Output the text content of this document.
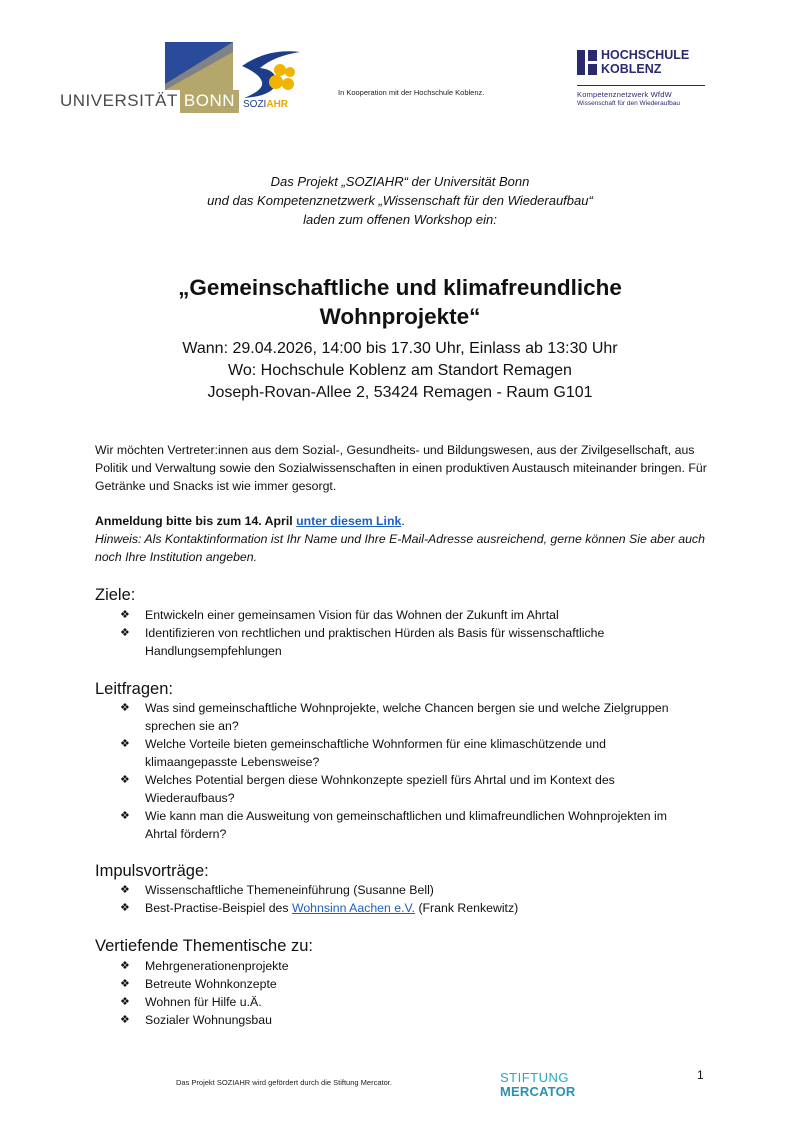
UNIVERSITÄT BONN SOZIAHR
In Kooperation mit der Hochschule Koblenz.
HOCHSCHULE
KOBLENZ
Kompetenznetzwerk WfdW
Wissenschaft für den Wiederaufbau
Das Projekt „SOZIAHR“ der Universität Bonn
und das Kompetenznetzwerk „Wissenschaft für den Wiederaufbau“
laden zum offenen Workshop ein:
„Gemeinschaftliche und klimafreundliche
Wohnprojekte“
Wann: 29.04.2026, 14:00 bis 17.30 Uhr, Einlass ab 13:30 Uhr
Wo: Hochschule Koblenz am Standort Remagen
Joseph-Rovan-Allee 2, 53424 Remagen - Raum G101
Wir möchten Vertreter:innen aus dem Sozial-, Gesundheits- und Bildungswesen, aus der Zivilgesellschaft, aus Politik und Verwaltung sowie den Sozialwissenschaften in einen produktiven Austausch miteinander bringen. Für Getränke und Snacks ist wie immer gesorgt.
Anmeldung bitte bis zum 14. April unter diesem Link.
Hinweis: Als Kontaktinformation ist Ihr Name und Ihre E-Mail-Adresse ausreichend, gerne können Sie aber auch noch Ihre Institution angeben.
Ziele:
❖ Entwickeln einer gemeinsamen Vision für das Wohnen der Zukunft im Ahrtal
❖ Identifizieren von rechtlichen und praktischen Hürden als Basis für wissenschaftliche Handlungsempfehlungen
Leitfragen:
❖ Was sind gemeinschaftliche Wohnprojekte, welche Chancen bergen sie und welche Zielgruppen sprechen sie an?
❖ Welche Vorteile bieten gemeinschaftliche Wohnformen für eine klimaschützende und klimaangepasste Lebensweise?
❖ Welches Potential bergen diese Wohnkonzepte speziell fürs Ahrtal und im Kontext des Wiederaufbaus?
❖ Wie kann man die Ausweitung von gemeinschaftlichen und klimafreundlichen Wohnprojekten im Ahrtal fördern?
Impulsvorträge:
❖ Wissenschaftliche Themeneinführung (Susanne Bell)
❖ Best-Practise-Beispiel des Wohnsinn Aachen e.V. (Frank Renkewitz)
Vertiefende Thementische zu:
❖ Mehrgenerationenprojekte
❖ Betreute Wohnkonzepte
❖ Wohnen für Hilfe u.Ä.
❖ Sozialer Wohnungsbau
Das Projekt SOZIAHR wird gefördert durch die Stiftung Mercator.	STIFTUNG
MERCATOR
1
